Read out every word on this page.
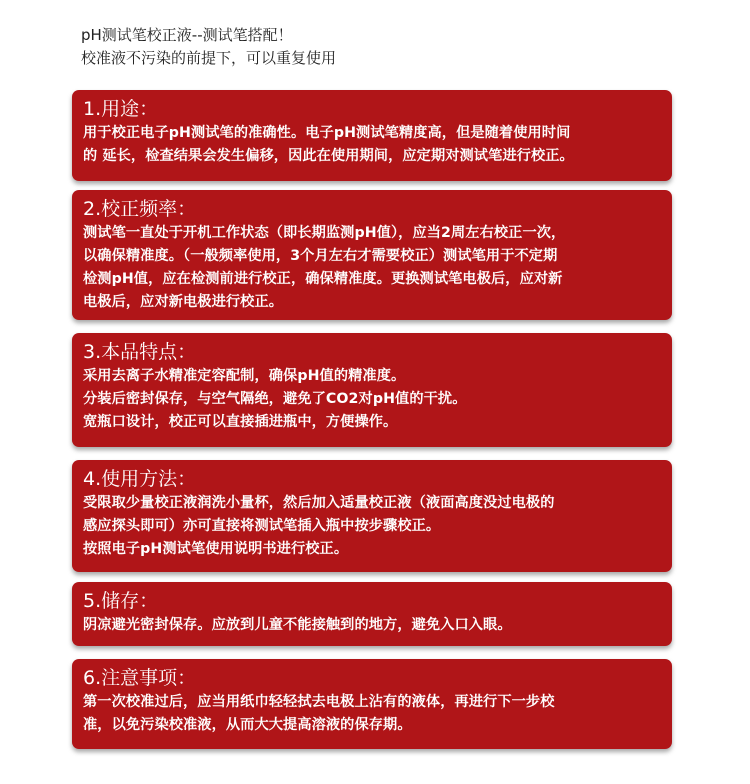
pH测试笔校正液--测试笔搭配！
校准液不污染的前提下，可以重复使用
1.用途：
用于校正电子pH测试笔的准确性。电子pH测试笔精度高，但是随着使用时间
的 延长，检查结果会发生偏移，因此在使用期间，应定期对测试笔进行校正。
2.校正频率：
测试笔一直处于开机工作状态（即长期监测pH值），应当2周左右校正一次，
以确保精准度。（一般频率使用，3个月左右才需要校正）测试笔用于不定期
检测pH值，应在检测前进行校正，确保精准度。更换测试笔电极后，应对新
电极后，应对新电极进行校正。
3.本品特点：
采用去离子水精准定容配制，确保pH值的精准度。
分装后密封保存，与空气隔绝，避免了CO2对pH值的干扰。
宽瓶口设计，校正可以直接插进瓶中，方便操作。
4.使用方法：
受限取少量校正液润洗小量杯，然后加入适量校正液（液面高度没过电极的
感应探头即可）亦可直接将测试笔插入瓶中按步骤校正。
按照电子pH测试笔使用说明书进行校正。
5.储存：
阴凉避光密封保存。应放到儿童不能接触到的地方，避免入口入眼。
6.注意事项：
第一次校准过后，应当用纸巾轻轻拭去电极上沾有的液体，再进行下一步校
准，以免污染校准液，从而大大提高溶液的保存期。
